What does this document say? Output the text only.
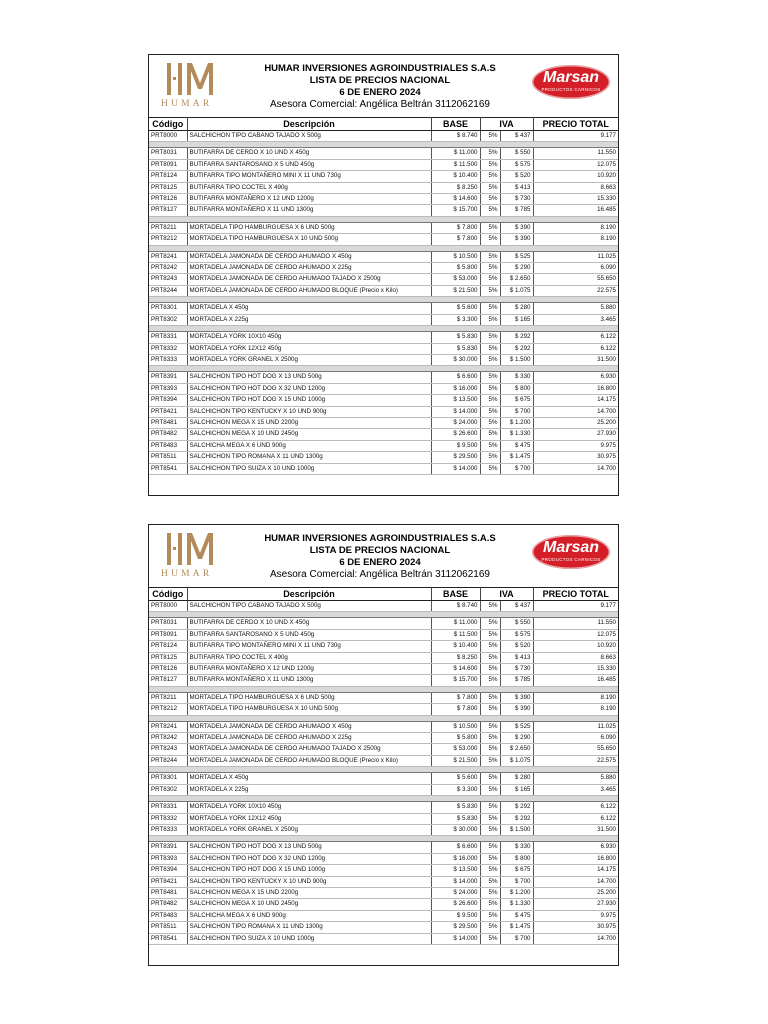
HUMAR
HUMAR INVERSIONES AGROINDUSTRIALES S.A.S
LISTA DE PRECIOS NACIONAL
6 DE ENERO 2024
Asesora Comercial: Angélica Beltrán 3112062169
Marsan
PRODUCTOS CARNICOS
Código	Descripción	BASE	IVA		PRECIO TOTAL
PRT8000	SALCHICHON TIPO CABANO TAJADO X 500g	$ 8.740	5%	$ 437	9.177

PRT8031	BUTIFARRA DE CERDO X 10 UND X 450g	$ 11.000	5%	$ 550	11.550
PRT8091	BUTIFARRA SANTAROSANO X 5 UND 450g	$ 11.500	5%	$ 575	12.075
PRT8124	BUTIFARRA TIPO MONTAÑERO MINI X 11 UND 730g	$ 10.400	5%	$ 520	10.920
PRT8125	BUTIFARRA TIPO COCTEL X 490g	$ 8.250	5%	$ 413	8.663
PRT8126	BUTIFARRA MONTAÑERO X 12 UND 1200g	$ 14.600	5%	$ 730	15.330
PRT8127	BUTIFARRA MONTAÑERO X 11 UND 1300g	$ 15.700	5%	$ 785	16.485

PRT8211	MORTADELA TIPO HAMBURGUESA X 6 UND 500g	$ 7.800	5%	$ 390	8.190
PRT8212	MORTADELA TIPO HAMBURGUESA X 10 UND 500g	$ 7.800	5%	$ 390	8.190

PRT8241	MORTADELA JAMONADA DE CERDO AHUMADO X 450g	$ 10.500	5%	$ 525	11.025
PRT8242	MORTADELA JAMONADA DE CERDO AHUMADO X 225g	$ 5.800	5%	$ 290	6.090
PRT8243	MORTADELA JAMONADA DE CERDO AHUMADO TAJADO X 2500g	$ 53.000	5%	$ 2.650	55.650
PRT8244	MORTADELA JAMONADA DE CERDO AHUMADO BLOQUE (Precio x Kilo)	$ 21.500	5%	$ 1.075	22.575

PRT8301	MORTADELA X 450g	$ 5.600	5%	$ 280	5.880
PRT8302	MORTADELA X 225g	$ 3.300	5%	$ 165	3.465

PRT8331	MORTADELA YORK 10X10 450g	$ 5.830	5%	$ 292	6.122
PRT8332	MORTADELA YORK 12X12 450g	$ 5.830	5%	$ 292	6.122
PRT8333	MORTADELA YORK GRANEL X 2500g	$ 30.000	5%	$ 1.500	31.500

PRT8391	SALCHICHON TIPO HOT DOG X 13 UND 500g	$ 6.600	5%	$ 330	6.930
PRT8393	SALCHICHON TIPO HOT DOG X 32 UND 1200g	$ 16.000	5%	$ 800	16.800
PRT8394	SALCHICHON TIPO HOT DOG X 15 UND 1000g	$ 13.500	5%	$ 675	14.175
PRT8421	SALCHICHON TIPO KENTUCKY X 10 UND 900g	$ 14.000	5%	$ 700	14.700
PRT8481	SALCHICHON MEGA X 15 UND 2200g	$ 24.000	5%	$ 1.200	25.200
PRT8482	SALCHICHON MEGA X 10 UND 2450g	$ 26.600	5%	$ 1.330	27.930
PRT8483	SALCHICHA MEGA X 6 UND 900g	$ 9.500	5%	$ 475	9.975
PRT8511	SALCHICHON TIPO ROMANA X 11 UND 1300g	$ 29.500	5%	$ 1.475	30.975
PRT8541	SALCHICHON TIPO SUIZA X 10 UND 1000g	$ 14.000	5%	$ 700	14.700
HUMAR
HUMAR INVERSIONES AGROINDUSTRIALES S.A.S
LISTA DE PRECIOS NACIONAL
6 DE ENERO 2024
Asesora Comercial: Angélica Beltrán 3112062169
Marsan
PRODUCTOS CARNICOS
Código	Descripción	BASE	IVA		PRECIO TOTAL
PRT8000	SALCHICHON TIPO CABANO TAJADO X 500g	$ 8.740	5%	$ 437	9.177

PRT8031	BUTIFARRA DE CERDO X 10 UND X 450g	$ 11.000	5%	$ 550	11.550
PRT8091	BUTIFARRA SANTAROSANO X 5 UND 450g	$ 11.500	5%	$ 575	12.075
PRT8124	BUTIFARRA TIPO MONTAÑERO MINI X 11 UND 730g	$ 10.400	5%	$ 520	10.920
PRT8125	BUTIFARRA TIPO COCTEL X 490g	$ 8.250	5%	$ 413	8.663
PRT8126	BUTIFARRA MONTAÑERO X 12 UND 1200g	$ 14.600	5%	$ 730	15.330
PRT8127	BUTIFARRA MONTAÑERO X 11 UND 1300g	$ 15.700	5%	$ 785	16.485

PRT8211	MORTADELA TIPO HAMBURGUESA X 6 UND 500g	$ 7.800	5%	$ 390	8.190
PRT8212	MORTADELA TIPO HAMBURGUESA X 10 UND 500g	$ 7.800	5%	$ 390	8.190

PRT8241	MORTADELA JAMONADA DE CERDO AHUMADO X 450g	$ 10.500	5%	$ 525	11.025
PRT8242	MORTADELA JAMONADA DE CERDO AHUMADO X 225g	$ 5.800	5%	$ 290	6.090
PRT8243	MORTADELA JAMONADA DE CERDO AHUMADO TAJADO X 2500g	$ 53.000	5%	$ 2.650	55.650
PRT8244	MORTADELA JAMONADA DE CERDO AHUMADO BLOQUE (Precio x Kilo)	$ 21.500	5%	$ 1.075	22.575

PRT8301	MORTADELA X 450g	$ 5.600	5%	$ 280	5.880
PRT8302	MORTADELA X 225g	$ 3.300	5%	$ 165	3.465

PRT8331	MORTADELA YORK 10X10 450g	$ 5.830	5%	$ 292	6.122
PRT8332	MORTADELA YORK 12X12 450g	$ 5.830	5%	$ 292	6.122
PRT8333	MORTADELA YORK GRANEL X 2500g	$ 30.000	5%	$ 1.500	31.500

PRT8391	SALCHICHON TIPO HOT DOG X 13 UND 500g	$ 6.600	5%	$ 330	6.930
PRT8393	SALCHICHON TIPO HOT DOG X 32 UND 1200g	$ 16.000	5%	$ 800	16.800
PRT8394	SALCHICHON TIPO HOT DOG X 15 UND 1000g	$ 13.500	5%	$ 675	14.175
PRT8421	SALCHICHON TIPO KENTUCKY X 10 UND 900g	$ 14.000	5%	$ 700	14.700
PRT8481	SALCHICHON MEGA X 15 UND 2200g	$ 24.000	5%	$ 1.200	25.200
PRT8482	SALCHICHON MEGA X 10 UND 2450g	$ 26.600	5%	$ 1.330	27.930
PRT8483	SALCHICHA MEGA X 6 UND 900g	$ 9.500	5%	$ 475	9.975
PRT8511	SALCHICHON TIPO ROMANA X 11 UND 1300g	$ 29.500	5%	$ 1.475	30.975
PRT8541	SALCHICHON TIPO SUIZA X 10 UND 1000g	$ 14.000	5%	$ 700	14.700
